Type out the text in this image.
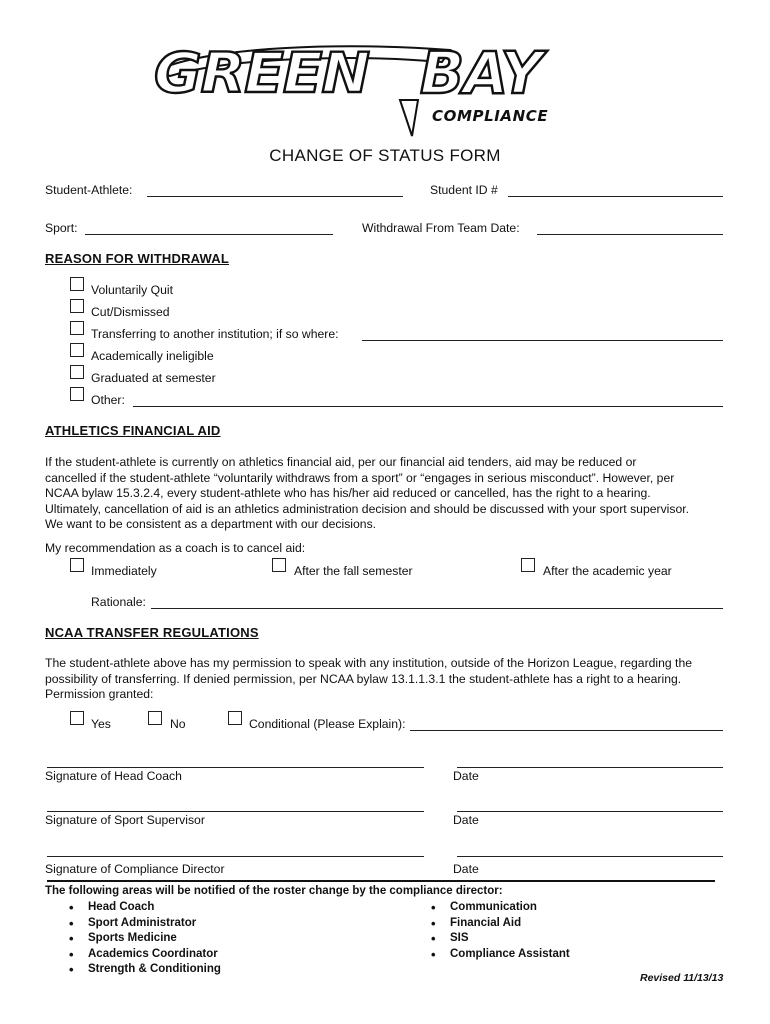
GREEN BAY
COMPLIANCE
CHANGE OF STATUS FORM
Student-Athlete:	Student ID #
Sport:	Withdrawal From Team Date:
REASON FOR WITHDRAWAL
Voluntarily Quit
Cut/Dismissed
Transferring to another institution; if so where:
Academically ineligible
Graduated at semester
Other:
ATHLETICS FINANCIAL AID
If the student-athlete is currently on athletics financial aid, per our financial aid tenders, aid may be reduced or
cancelled if the student-athlete “voluntarily withdraws from a sport” or “engages in serious misconduct”. However, per
NCAA bylaw 15.3.2.4, every student-athlete who has his/her aid reduced or cancelled, has the right to a hearing.
Ultimately, cancellation of aid is an athletics administration decision and should be discussed with your sport supervisor.
We want to be consistent as a department with our decisions.
My recommendation as a coach is to cancel aid:
Immediately	After the fall semester	After the academic year
Rationale:
NCAA TRANSFER REGULATIONS
The student-athlete above has my permission to speak with any institution, outside of the Horizon League, regarding the
possibility of transferring. If denied permission, per NCAA bylaw 13.1.1.3.1 the student-athlete has a right to a hearing.
Permission granted:
Yes	No	Conditional (Please Explain):
Signature of Head Coach	Date
Signature of Sport Supervisor	Date
Signature of Compliance Director	Date
The following areas will be notified of the roster change by the compliance director:
• Head Coach
• Sport Administrator
• Sports Medicine
• Academics Coordinator
• Strength & Conditioning
• Communication
• Financial Aid
• SIS
• Compliance Assistant
Revised 11/13/13
